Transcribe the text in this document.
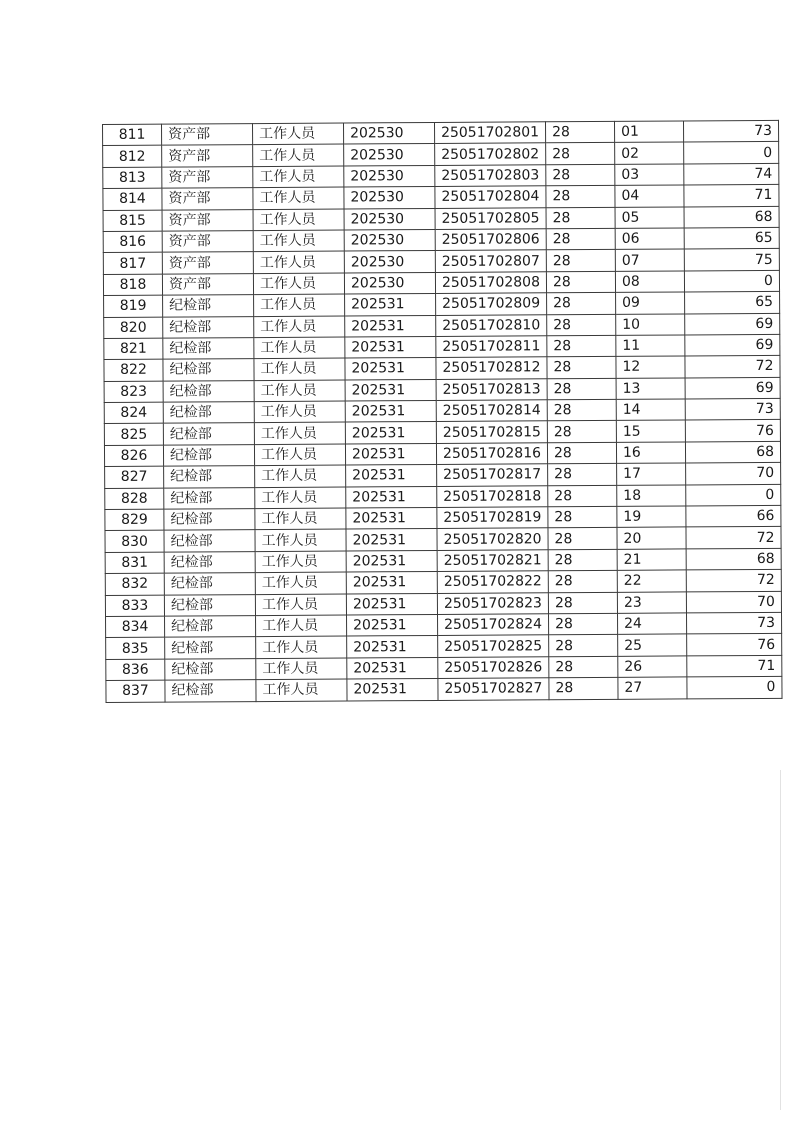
811	资产部	工作人员	202530	25051702801	28	01	73
812	资产部	工作人员	202530	25051702802	28	02	0
813	资产部	工作人员	202530	25051702803	28	03	74
814	资产部	工作人员	202530	25051702804	28	04	71
815	资产部	工作人员	202530	25051702805	28	05	68
816	资产部	工作人员	202530	25051702806	28	06	65
817	资产部	工作人员	202530	25051702807	28	07	75
818	资产部	工作人员	202530	25051702808	28	08	0
819	纪检部	工作人员	202531	25051702809	28	09	65
820	纪检部	工作人员	202531	25051702810	28	10	69
821	纪检部	工作人员	202531	25051702811	28	11	69
822	纪检部	工作人员	202531	25051702812	28	12	72
823	纪检部	工作人员	202531	25051702813	28	13	69
824	纪检部	工作人员	202531	25051702814	28	14	73
825	纪检部	工作人员	202531	25051702815	28	15	76
826	纪检部	工作人员	202531	25051702816	28	16	68
827	纪检部	工作人员	202531	25051702817	28	17	70
828	纪检部	工作人员	202531	25051702818	28	18	0
829	纪检部	工作人员	202531	25051702819	28	19	66
830	纪检部	工作人员	202531	25051702820	28	20	72
831	纪检部	工作人员	202531	25051702821	28	21	68
832	纪检部	工作人员	202531	25051702822	28	22	72
833	纪检部	工作人员	202531	25051702823	28	23	70
834	纪检部	工作人员	202531	25051702824	28	24	73
835	纪检部	工作人员	202531	25051702825	28	25	76
836	纪检部	工作人员	202531	25051702826	28	26	71
837	纪检部	工作人员	202531	25051702827	28	27	0
